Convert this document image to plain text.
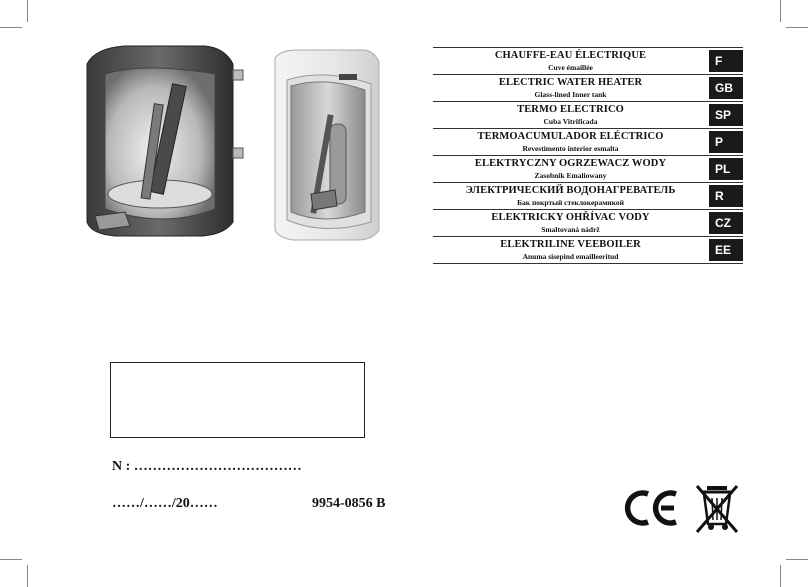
CHAUFFE-EAU ÉLECTRIQUE
Cuve émaillée	F
ELECTRIC WATER HEATER
Glass-lined Inner tank	GB
TERMO ELECTRICO
Cuba Vitrificada	SP
TERMOACUMULADOR ELÉCTRICO
Revestimento interior esmalta	P
ELEKTRYCZNY OGRZEWACZ WODY
Zasobnik Emaliowany	PL
ЭЛЕКТРИЧЕСКИЙ ВОДОНАГРЕВАТЕЛЬ
Бак покртый стеклокерамикой	R
ELEKTRICKY OHŘÍVAC VODY
Smaltovaná nádrž	CZ
ELEKTRILINE VEEBOILER
Anuma sisepind emailleeritud	EE
N : ………………………………
……/……/20……	9954-0856 B
